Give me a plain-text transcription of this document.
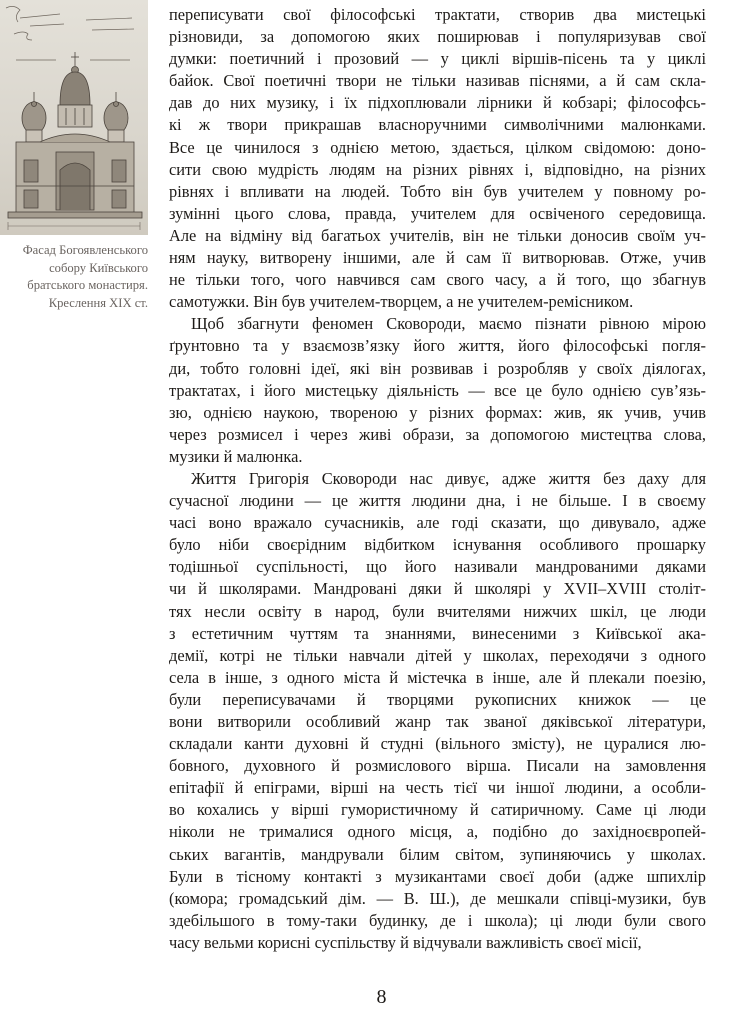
Фасад Богоявленського
собору Київського
братського монастиря.
Креслення XIX ст.
переписувати свої філософські трактати, створив два мистецькі
різновиди, за допомогою яких поширював і популяризував свої
думки: поетичний і прозовий — у циклі віршів-пісень та у циклі
байок. Свої поетичні твори не тільки називав піснями, а й сам скла-
дав до них музику, і їх підхоплювали лірники й кобзарі; філософсь-
кі ж твори прикрашав власноручними символічними малюнками.
Все це чинилося з однією метою, здається, цілком свідомою: доно-
сити свою мудрість людям на різних рівнях і, відповідно, на різних
рівнях і впливати на людей. Тобто він був учителем у повному ро-
зумінні цього слова, правда, учителем для освіченого середовища.
Але на відміну від багатьох учителів, він не тільки доносив своїм уч-
ням науку, витворену іншими, але й сам її витворював. Отже, учив
не тільки того, чого навчився сам свого часу, а й того, що збагнув
самотужки. Він був учителем-творцем, а не учителем-ремісником.
Щоб збагнути феномен Сковороди, маємо пізнати рівною мірою
ґрунтовно та у взаємозв’язку його життя, його філософські погля-
ди, тобто головні ідеї, які він розвивав і розробляв у своїх діялогах,
трактатах, і його мистецьку діяльність — все це було однією сув’язь-
зю, однією наукою, твореною у різних формах: жив, як учив, учив
через розмисел і через живі образи, за допомогою мистецтва слова,
музики й малюнка.
Життя Григорія Сковороди нас дивує, адже життя без даху для
сучасної людини — це життя людини дна, і не більше. І в своєму
часі воно вражало сучасників, але годі сказати, що дивувало, адже
було ніби своєрідним відбитком існування особливого прошарку
тодішньої суспільності, що його називали мандрованими дяками
чи й школярами. Мандровані дяки й школярі у XVII–XVIII століт-
тях несли освіту в народ, були вчителями нижчих шкіл, це люди
з естетичним чуттям та знаннями, винесеними з Київської ака-
демії, котрі не тільки навчали дітей у школах, переходячи з одного
села в інше, з одного міста й містечка в інше, але й плекали поезію,
були переписувачами й творцями рукописних книжок — це
вони витворили особливий жанр так званої дяківської літератури,
складали канти духовні й студні (вільного змісту), не цуралися лю-
бовного, духовного й розмислового вірша. Писали на замовлення
епітафії й епіграми, вірші на честь тієї чи іншої людини, а особли-
во кохались у вірші гумористичному й сатиричному. Саме ці люди
ніколи не трималися одного місця, а, подібно до західноєвропей-
ських вагантів, мандрували білим світом, зупиняючись у школах.
Були в тісному контакті з музикантами своєї доби (адже шпихлір
(комора; громадський дім. — В. Ш.), де мешкали співці-музики, був
здебільшого в тому-таки будинку, де і школа); ці люди були свого
часу вельми корисні суспільству й відчували важливість своєї місії,
8
